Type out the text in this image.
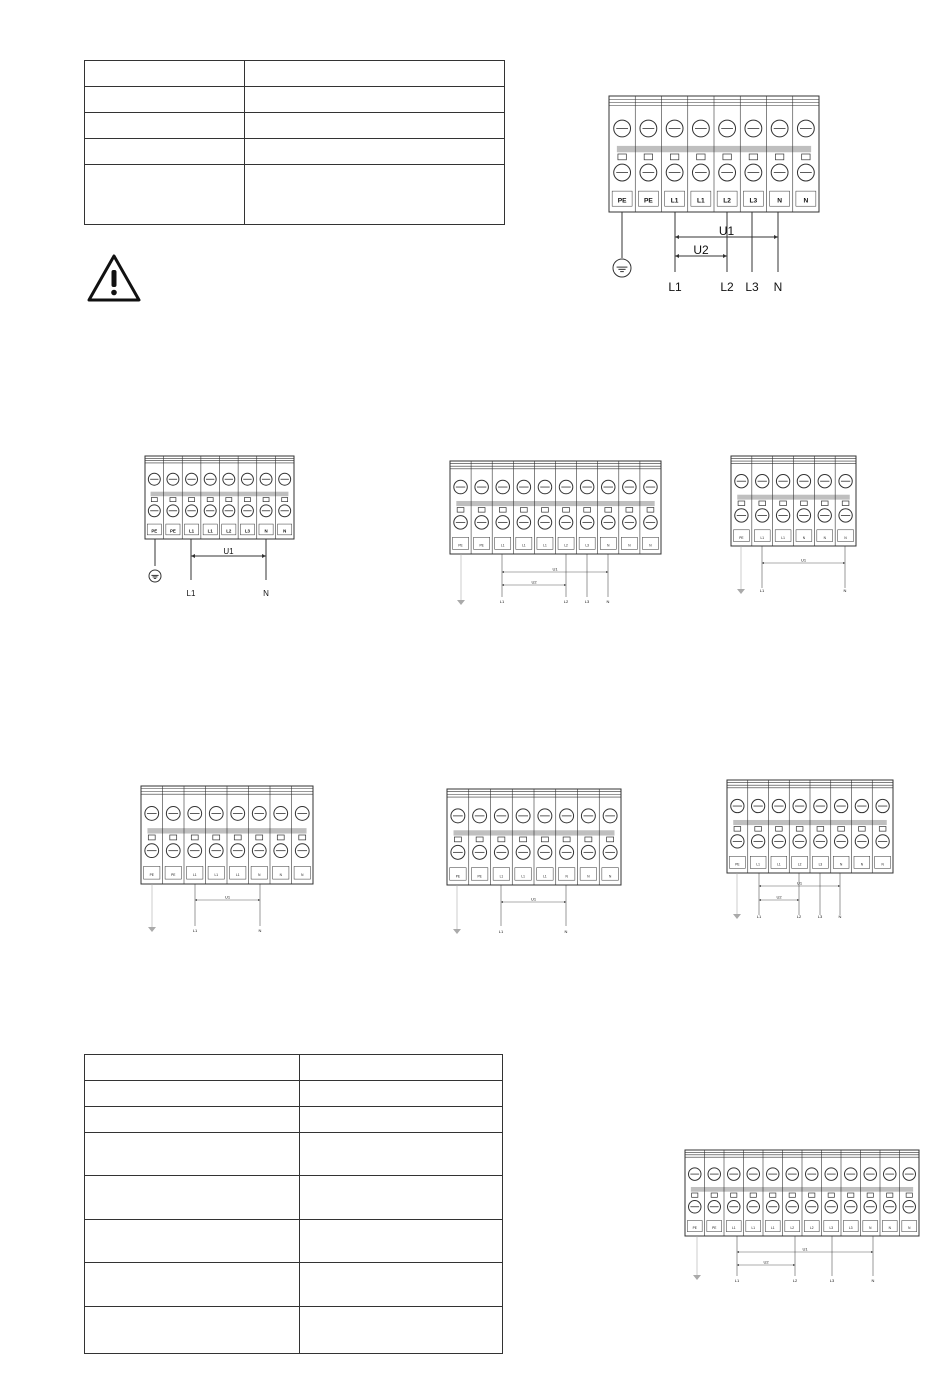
PE	PE	L1	L1	L2	L3	N	N
L1	L2 L3 N
U1
U2
PE	PE	L1	L1	L2	L3	N	N
L1	N
U1
PE	PE	L1	L1	L1	L2	L3	N	N	N
L1	L2	L3	N
U1
U2
PE	L1	L1	N	N	N
L1	N
U1
PE	PE	L1	L1	L1	N	N	N
L1	N
U1
PE	PE	L1	L1	L1	N	N	N
L1	N
U1
PE	L1	L1	L2	L3	N	N	N
L1	L2	L3	N
U1
U2
PE	PE	L1	L1	L1	L2	L2	L3	L3	N	N	N
L1	L2	L3	N
U1
U2
